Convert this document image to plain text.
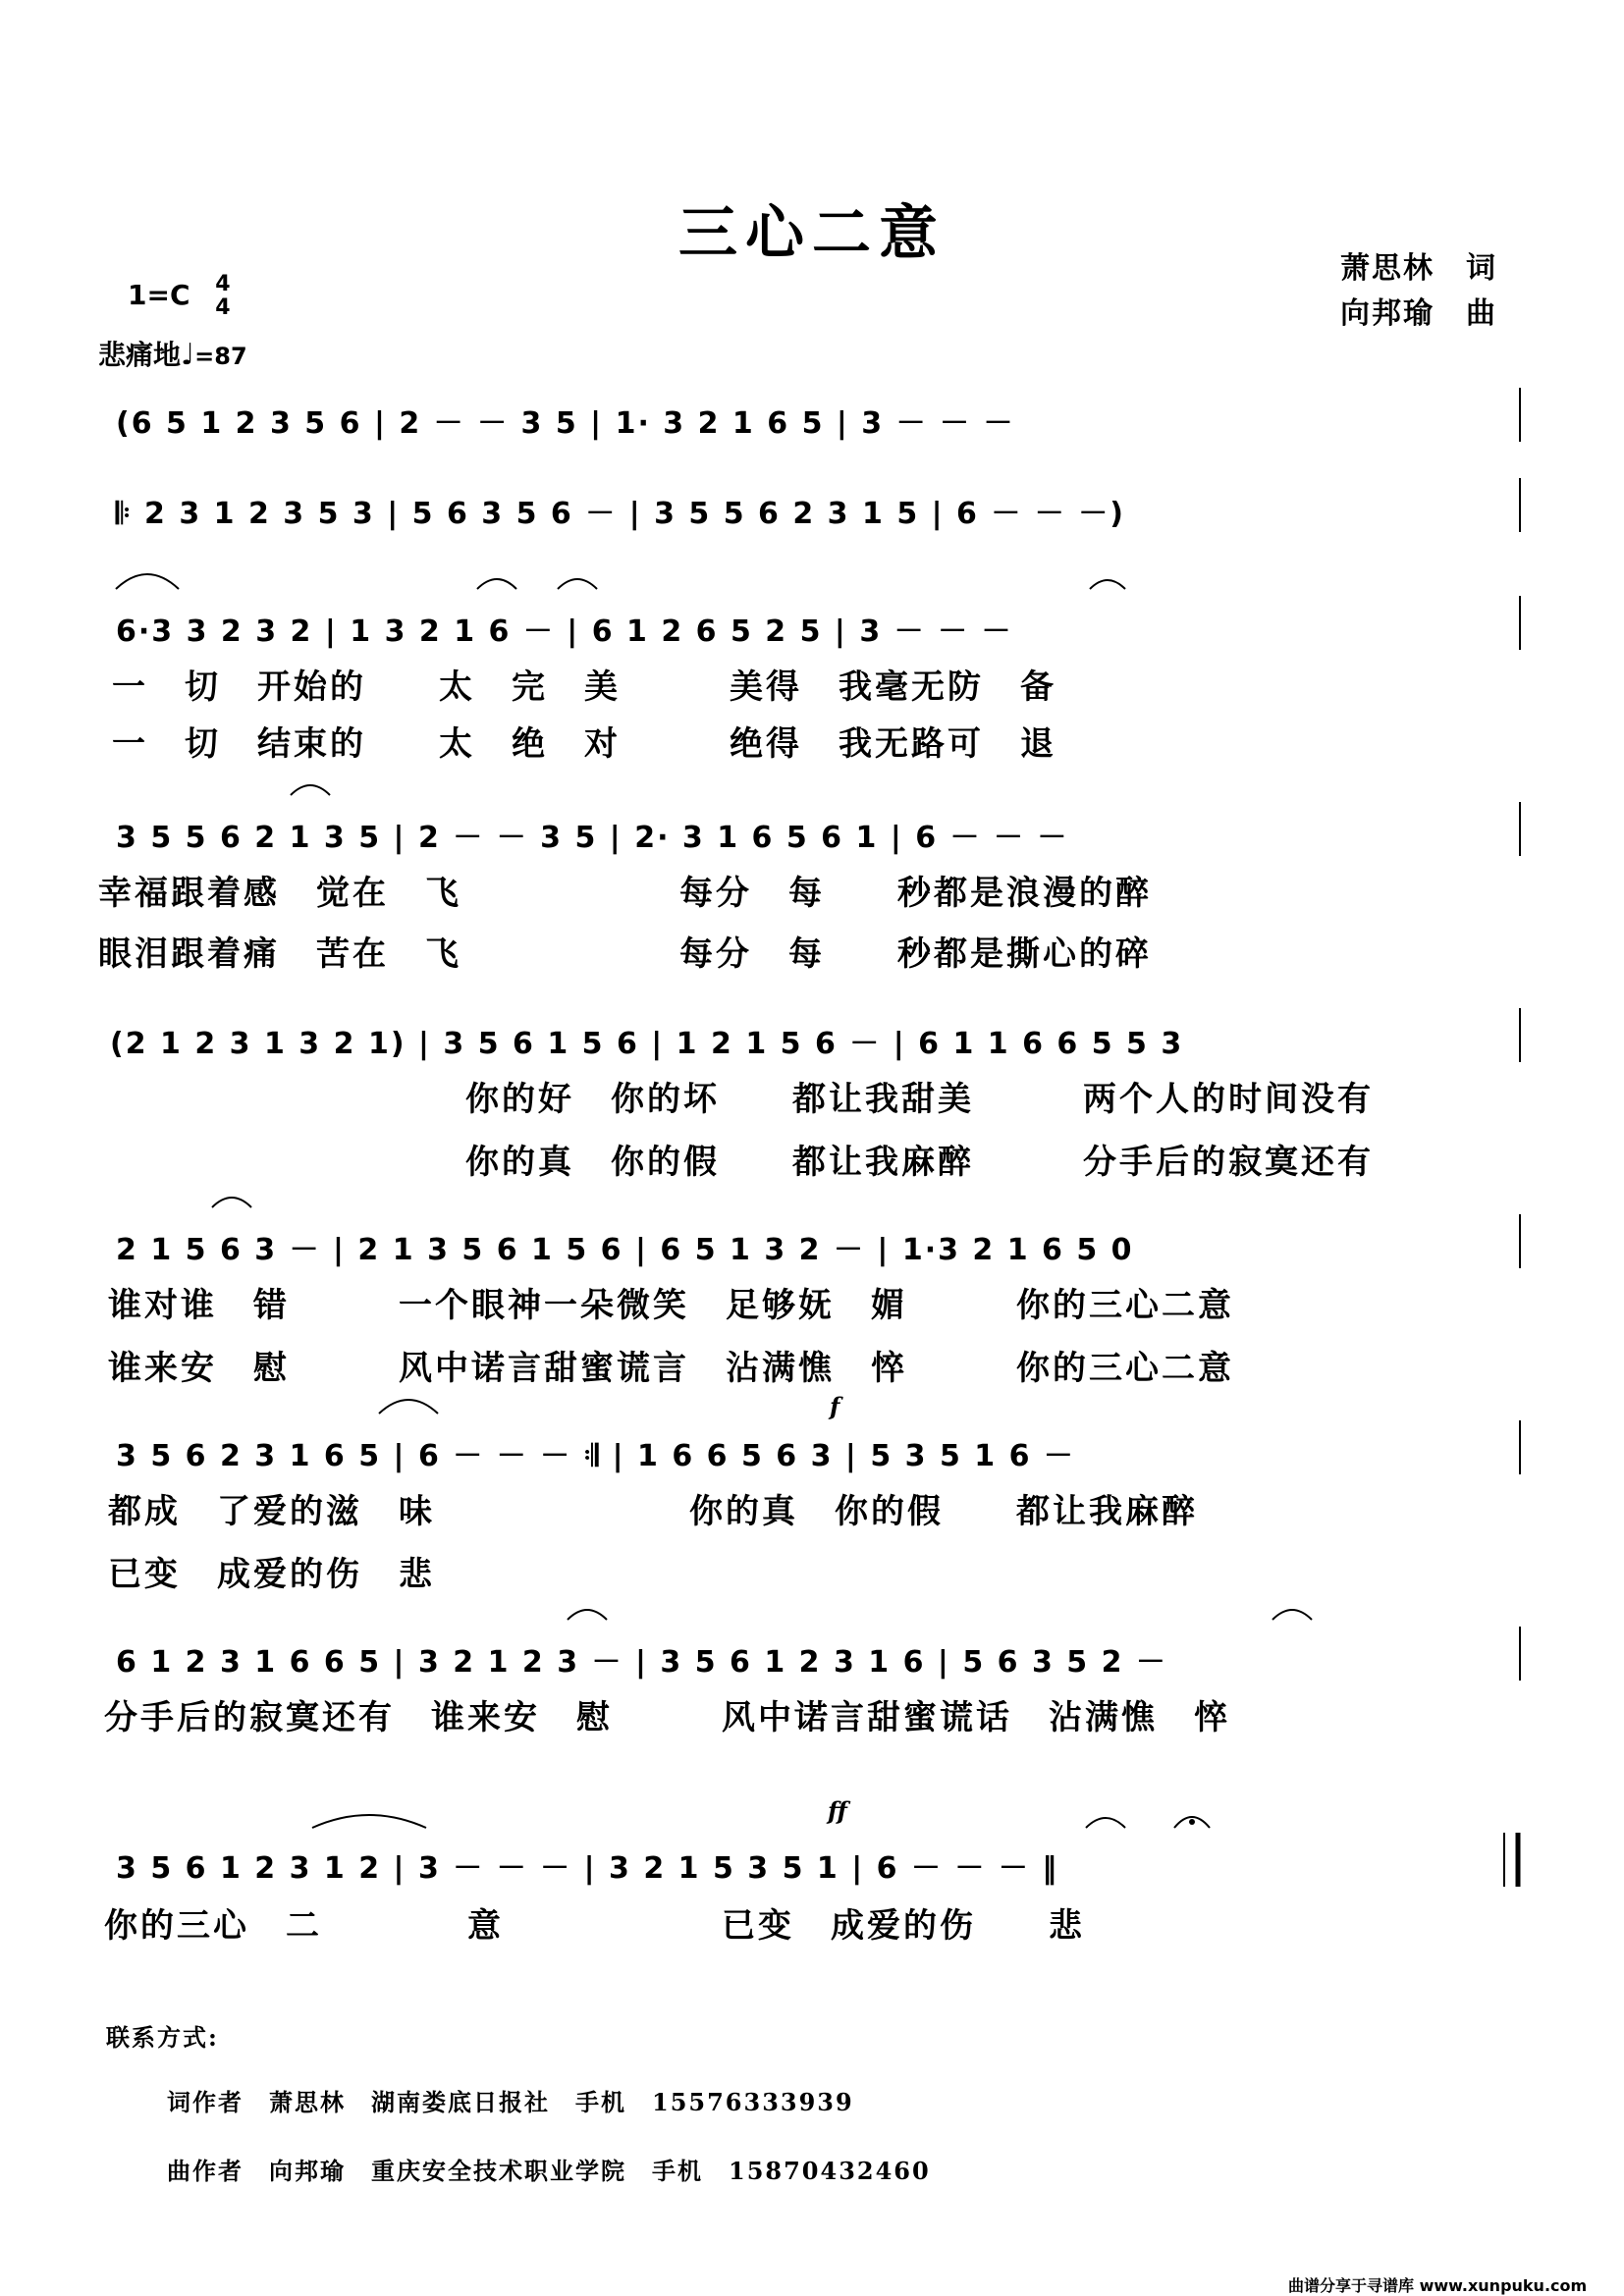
三心二意
萧思林　词
向邦瑜　曲
1=C 4
4
悲痛地♩=87
(6 5 1 2 3 5 6 | 2 － － 3 5 | 1· 3 2 1 6 5 | 3 － － －
𝄆 2 3 1 2 3 5 3 | 5 6 3 5 6 － | 3 5 5 6 2 3 1 5 | 6 － － －)
6·3 3 2 3 2 | 1 3 2 1 6 － | 6 1 2 6 5 2 5 | 3 － － －
一　切　开始的　　太　完　美　　　美得　我毫无防　备
一　切　结束的　　太　绝　对　　　绝得　我无路可　退
3 5 5 6 2 1 3 5 | 2 － － 3 5 | 2· 3 1 6 5 6 1 | 6 － － －
幸福跟着感　觉在　飞　　　　　　每分　每　　秒都是浪漫的醉
眼泪跟着痛　苦在　飞　　　　　　每分　每　　秒都是撕心的碎
(2 1 2 3 1 3 2 1) | 3 5 6 1 5 6 | 1 2 1 5 6 － | 6 1 1 6 6 5 5 3
你的好　你的坏　　都让我甜美　　　两个人的时间没有
你的真　你的假　　都让我麻醉　　　分手后的寂寞还有
2 1 5 6 3 － | 2 1 3 5 6 1 5 6 | 6 5 1 3 2 － | 1·3 2 1 6 5 0
谁对谁　错　　　一个眼神一朵微笑　足够妩　媚　　　你的三心二意
谁来安　慰　　　风中诺言甜蜜谎言　沾满憔　悴　　　你的三心二意
f
3 5 6 2 3 1 6 5 | 6 － － － 𝄇 | 1 6 6 5 6 3 | 5 3 5 1 6 －
都成　了爱的滋　味　　　　　　　你的真　你的假　　都让我麻醉
已变　成爱的伤　悲
6 1 2 3 1 6 6 5 | 3 2 1 2 3 － | 3 5 6 1 2 3 1 6 | 5 6 3 5 2 －
分手后的寂寞还有　谁来安　慰　　　风中诺言甜蜜谎话　沾满憔　悴
ff
3 5 6 1 2 3 1 2 | 3 － － － | 3 2 1 5 3 5 1 | 6 － － － ‖
你的三心　二　　　　意　　　　　　已变　成爱的伤　　悲
联系方式:
词作者　萧思林　湖南娄底日报社　手机　15576333939
曲作者　向邦瑜　重庆安全技术职业学院　手机　15870432460
曲谱分享于寻谱库 www.xunpuku.com
